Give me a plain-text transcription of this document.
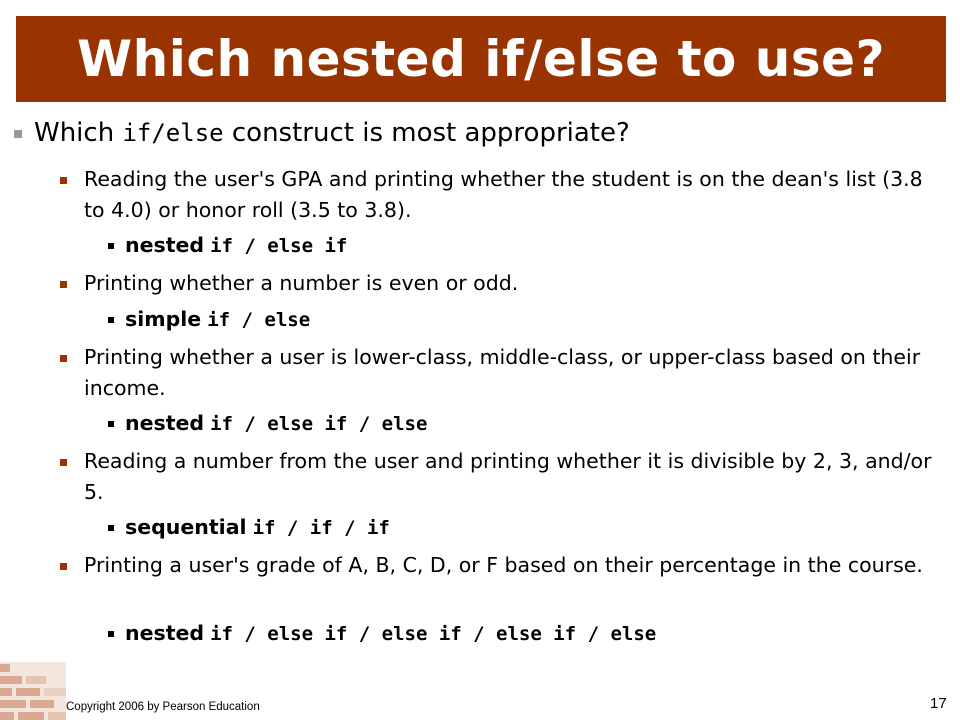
Which nested if/else to use?
Which if/else construct is most appropriate?
Reading the user's GPA and printing whether the student is on the dean's list (3.8 to 4.0) or honor roll (3.5 to 3.8).
nested if / else if
Printing whether a number is even or odd.
simple if / else
Printing whether a user is lower-class, middle-class, or upper-class based on their income.
nested if / else if / else
Reading a number from the user and printing whether it is divisible by 2, 3, and/or 5.
sequential if / if / if
Printing a user's grade of A, B, C, D, or F based on their percentage in the course.
nested if / else if / else if / else if / else
Copyright 2006 by Pearson Education	17
